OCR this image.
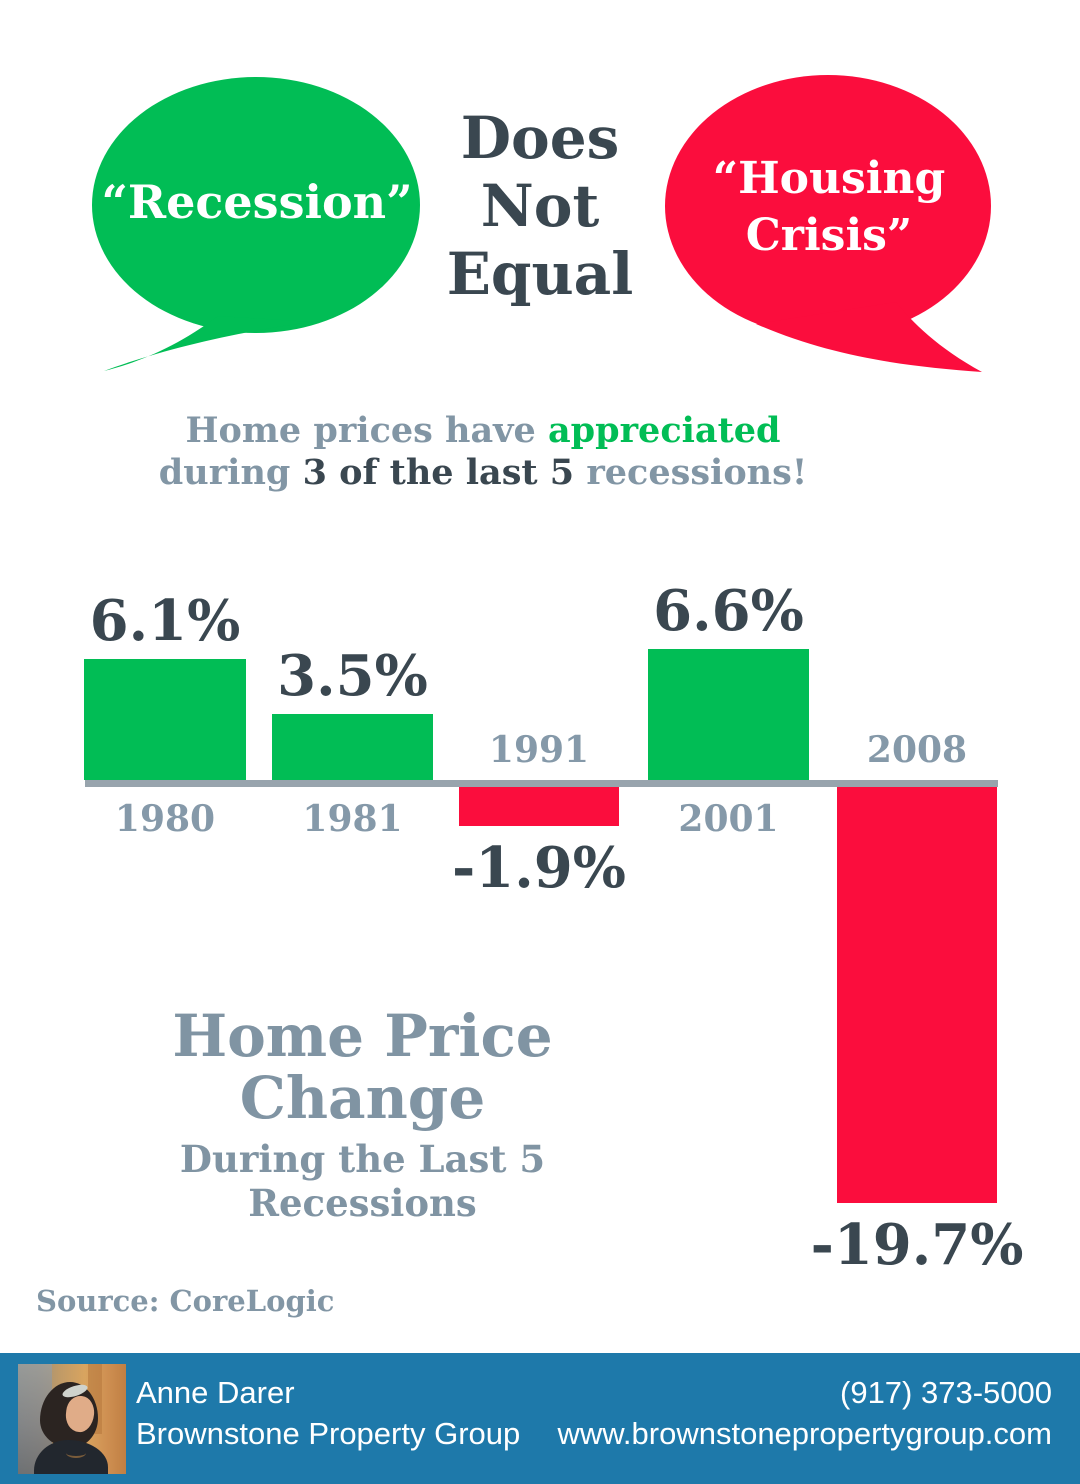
“Recession”	“Housing
Crisis”
Does
Not
Equal
Home prices have appreciated
during 3 of the last 5 recessions!
6.1%
1980
3.5%
1981
-1.9%
1991
6.6%
2001
-19.7%
2008
Home Price Change
During the Last 5 Recessions
Source: CoreLogic
Anne Darer
Brownstone Property Group
(917) 373-5000
www.brownstonepropertygroup.com
